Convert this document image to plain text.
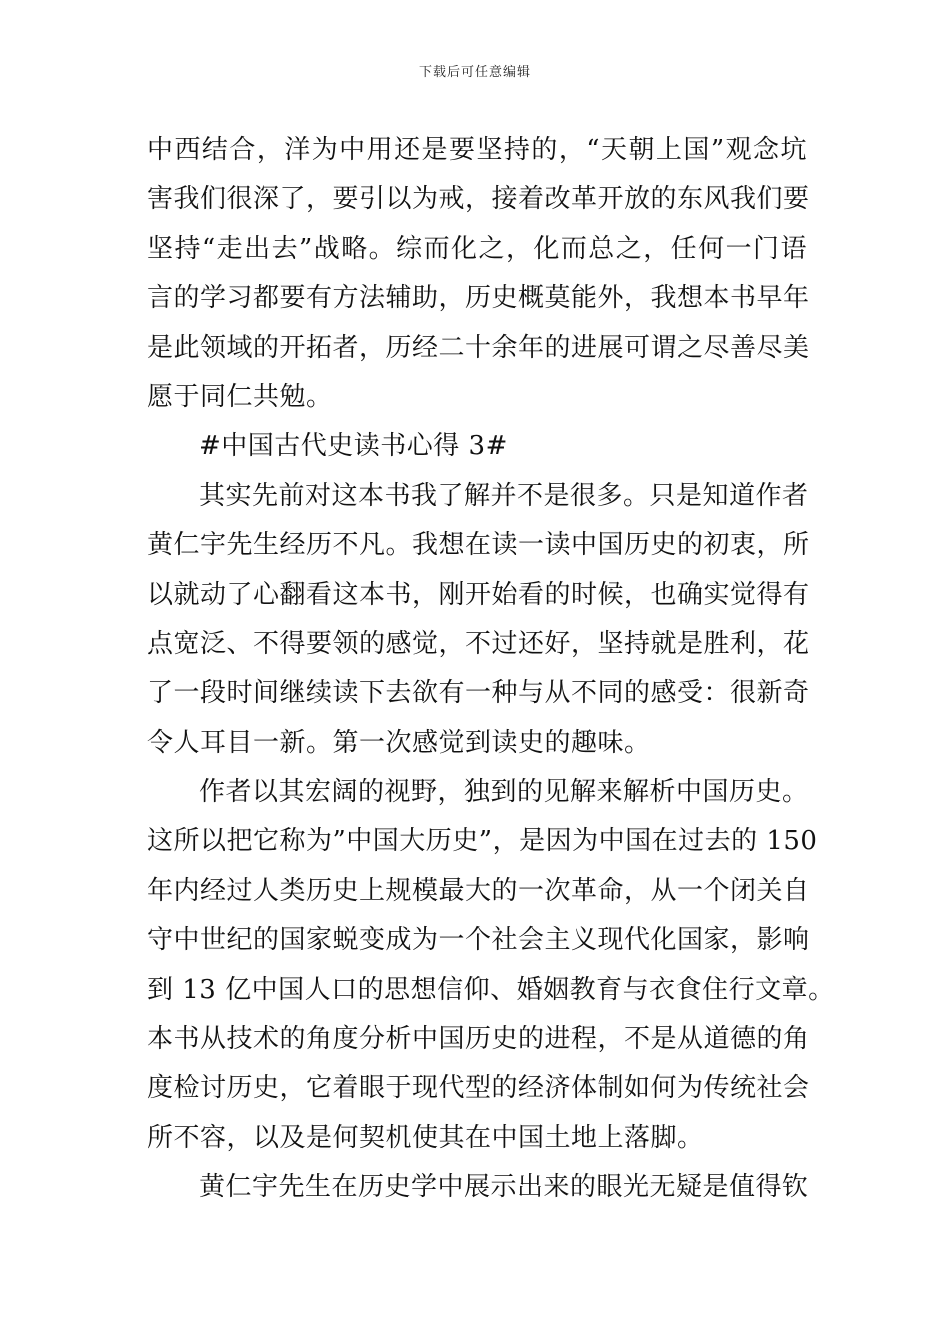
下载后可任意编辑
中西结合，洋为中用还是要坚持的，“天朝上国”观念坑
害我们很深了，要引以为戒，接着改革开放的东风我们要
坚持“走出去”战略。综而化之，化而总之，任何一门语
言的学习都要有方法辅助，历史概莫能外，我想本书早年
是此领域的开拓者，历经二十余年的进展可谓之尽善尽美
愿于同仁共勉。
#中国古代史读书心得 3#
其实先前对这本书我了解并不是很多。只是知道作者
黄仁宇先生经历不凡。我想在读一读中国历史的初衷，所
以就动了心翻看这本书，刚开始看的时候，也确实觉得有
点宽泛、不得要领的感觉，不过还好，坚持就是胜利，花
了一段时间继续读下去欲有一种与从不同的感受：很新奇
令人耳目一新。第一次感觉到读史的趣味。
作者以其宏阔的视野，独到的见解来解析中国历史。
这所以把它称为”中国大历史”，是因为中国在过去的 150
年内经过人类历史上规模最大的一次革命，从一个闭关自
守中世纪的国家蜕变成为一个社会主义现代化国家，影响
到 13 亿中国人口的思想信仰、婚姻教育与衣食住行文章。
本书从技术的角度分析中国历史的进程，不是从道德的角
度检讨历史，它着眼于现代型的经济体制如何为传统社会
所不容，以及是何契机使其在中国土地上落脚。
黄仁宇先生在历史学中展示出来的眼光无疑是值得钦
